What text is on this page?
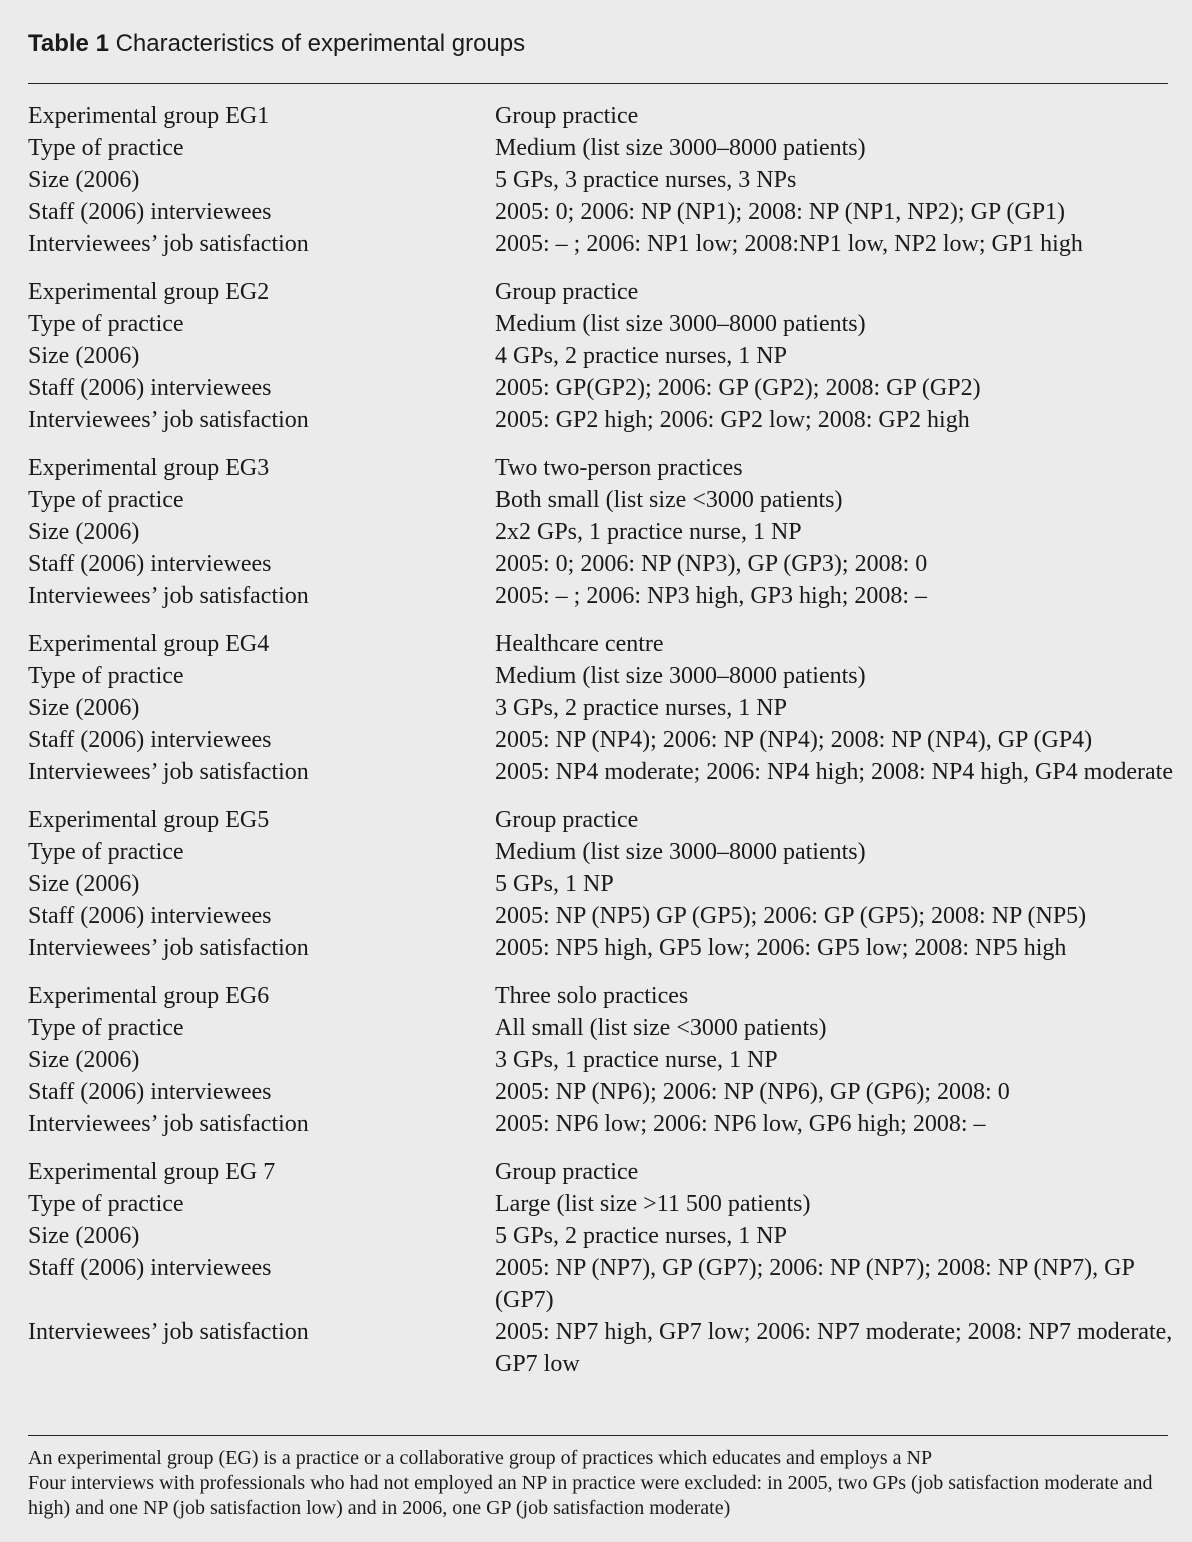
Table 1 Characteristics of experimental groups
Experimental group EG1	Group practice
Type of practice	Medium (list size 3000–8000 patients)
Size (2006)	5 GPs, 3 practice nurses, 3 NPs
Staff (2006) interviewees	2005: 0; 2006: NP (NP1); 2008: NP (NP1, NP2); GP (GP1)
Interviewees’ job satisfaction	2005: – ; 2006: NP1 low; 2008:NP1 low, NP2 low; GP1 high
Experimental group EG2	Group practice
Type of practice	Medium (list size 3000–8000 patients)
Size (2006)	4 GPs, 2 practice nurses, 1 NP
Staff (2006) interviewees	2005: GP(GP2); 2006: GP (GP2); 2008: GP (GP2)
Interviewees’ job satisfaction	2005: GP2 high; 2006: GP2 low; 2008: GP2 high
Experimental group EG3	Two two-person practices
Type of practice	Both small (list size <3000 patients)
Size (2006)	2x2 GPs, 1 practice nurse, 1 NP
Staff (2006) interviewees	2005: 0; 2006: NP (NP3), GP (GP3); 2008: 0
Interviewees’ job satisfaction	2005: – ; 2006: NP3 high, GP3 high; 2008: –
Experimental group EG4	Healthcare centre
Type of practice	Medium (list size 3000–8000 patients)
Size (2006)	3 GPs, 2 practice nurses, 1 NP
Staff (2006) interviewees	2005: NP (NP4); 2006: NP (NP4); 2008: NP (NP4), GP (GP4)
Interviewees’ job satisfaction	2005: NP4 moderate; 2006: NP4 high; 2008: NP4 high, GP4 moderate
Experimental group EG5	Group practice
Type of practice	Medium (list size 3000–8000 patients)
Size (2006)	5 GPs, 1 NP
Staff (2006) interviewees	2005: NP (NP5) GP (GP5); 2006: GP (GP5); 2008: NP (NP5)
Interviewees’ job satisfaction	2005: NP5 high, GP5 low; 2006: GP5 low; 2008: NP5 high
Experimental group EG6	Three solo practices
Type of practice	All small (list size <3000 patients)
Size (2006)	3 GPs, 1 practice nurse, 1 NP
Staff (2006) interviewees	2005: NP (NP6); 2006: NP (NP6), GP (GP6); 2008: 0
Interviewees’ job satisfaction	2005: NP6 low; 2006: NP6 low, GP6 high; 2008: –
Experimental group EG 7	Group practice
Type of practice	Large (list size >11 500 patients)
Size (2006)	5 GPs, 2 practice nurses, 1 NP
Staff (2006) interviewees	2005: NP (NP7), GP (GP7); 2006: NP (NP7); 2008: NP (NP7), GP (GP7)
Interviewees’ job satisfaction	2005: NP7 high, GP7 low; 2006: NP7 moderate; 2008: NP7 moderate, GP7 low

An experimental group (EG) is a practice or a collaborative group of practices which educates and employs a NP

Four interviews with professionals who had not employed an NP in practice were excluded: in 2005, two GPs (job satisfaction moderate and high) and one NP (job satisfaction low) and in 2006, one GP (job satisfaction moderate)
